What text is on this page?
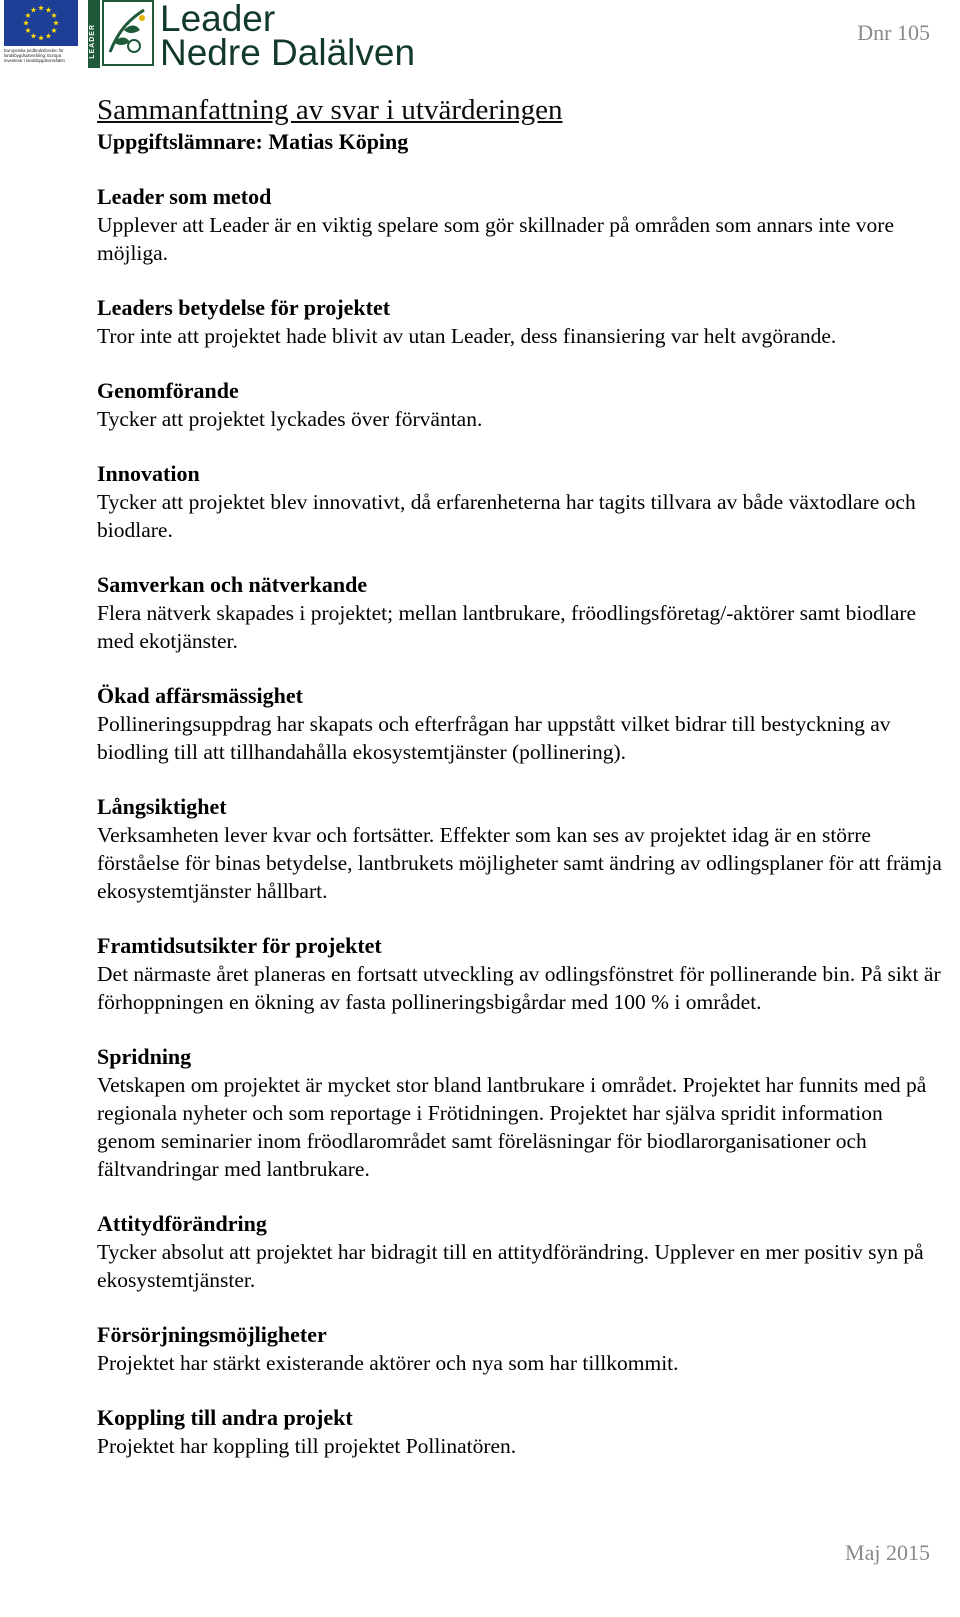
Europeiska jordbruksfonden för landsbygdsutveckling: Europa investerar i landsbygdsområden
LEADER
Leader
Nedre Dalälven	Dnr 105
Sammanfattning av svar i utvärderingen

Uppgiftslämnare: Matias Köping

Leader som metod

Upplever att Leader är en viktig spelare som gör skillnader på områden som annars inte vore möjliga.

Leaders betydelse för projektet

Tror inte att projektet hade blivit av utan Leader, dess finansiering var helt avgörande.

Genomförande

Tycker att projektet lyckades över förväntan.

Innovation

Tycker att projektet blev innovativt, då erfarenheterna har tagits tillvara av både växtodlare och biodlare.

Samverkan och nätverkande

Flera nätverk skapades i projektet; mellan lantbrukare, fröodlingsföretag/-aktörer samt biodlare med ekotjänster.

Ökad affärsmässighet

Pollineringsuppdrag har skapats och efterfrågan har uppstått vilket bidrar till bestyckning av biodling till att tillhandahålla ekosystemtjänster (pollinering).

Långsiktighet

Verksamheten lever kvar och fortsätter. Effekter som kan ses av projektet idag är en större förståelse för binas betydelse, lantbrukets möjligheter samt ändring av odlingsplaner för att främja ekosystemtjänster hållbart.

Framtidsutsikter för projektet

Det närmaste året planeras en fortsatt utveckling av odlingsfönstret för pollinerande bin. På sikt är förhoppningen en ökning av fasta pollineringsbigårdar med 100 % i området.

Spridning

Vetskapen om projektet är mycket stor bland lantbrukare i området. Projektet har funnits med på regionala nyheter och som reportage i Frötidningen. Projektet har själva spridit information genom seminarier inom fröodlarområdet samt föreläsningar för biodlarorganisationer och fältvandringar med lantbrukare.

Attitydförändring

Tycker absolut att projektet har bidragit till en attitydförändring. Upplever en mer positiv syn på ekosystemtjänster.

Försörjningsmöjligheter

Projektet har stärkt existerande aktörer och nya som har tillkommit.

Koppling till andra projekt

Projektet har koppling till projektet Pollinatören.

Maj 2015
